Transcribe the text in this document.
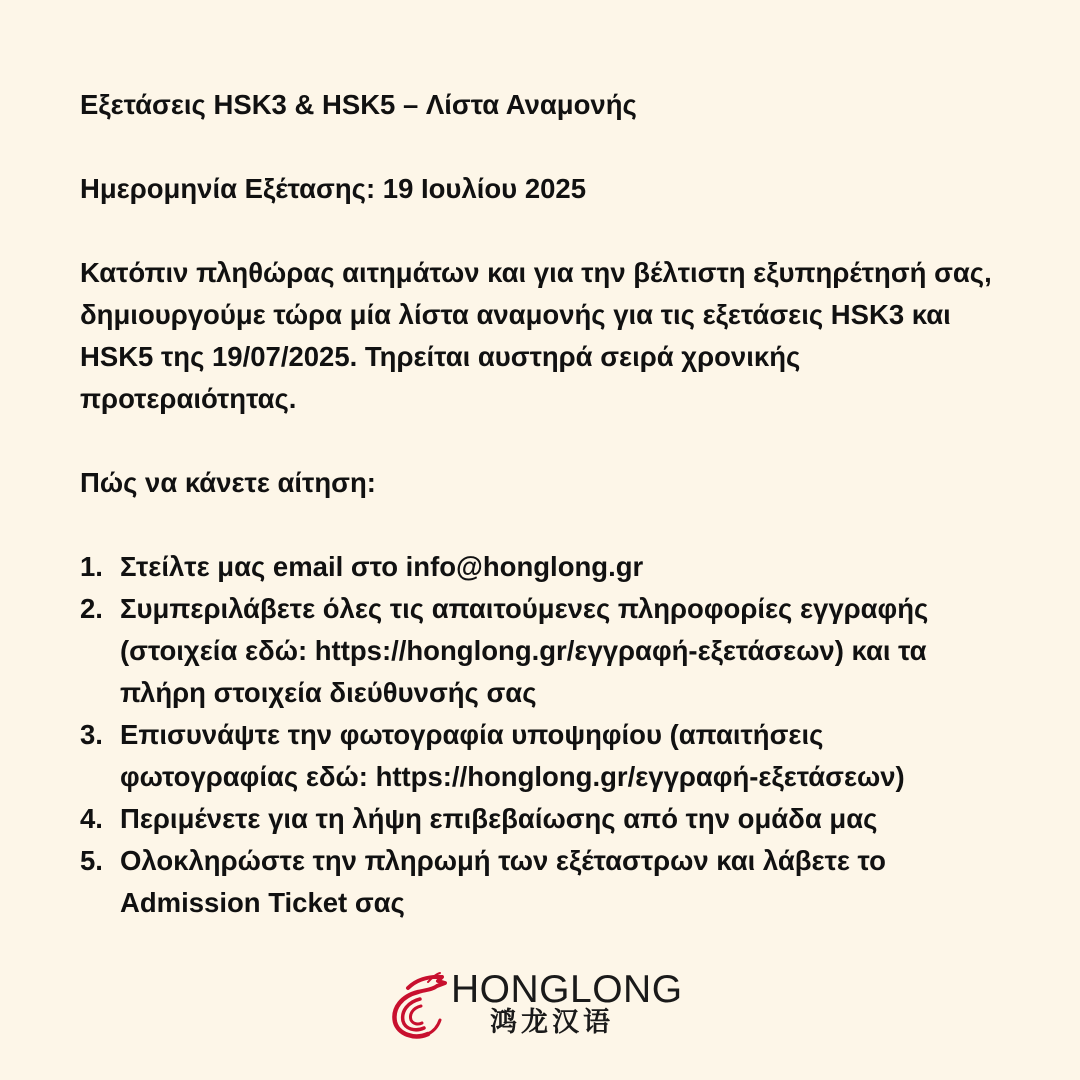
Εξετάσεις HSK3 & HSK5 – Λίστα Αναμονής

Ημερομηνία Εξέτασης: 19 Ιουλίου 2025

Κατόπιν πληθώρας αιτημάτων και για την βέλτιστη εξυπηρέτησή σας, δημιουργούμε τώρα μία λίστα αναμονής για τις εξετάσεις HSK3 και HSK5 της 19/07/2025. Τηρείται αυστηρά σειρά χρονικής προτεραιότητας.

Πώς να κάνετε αίτηση:

1. Στείλτε μας email στο info@honglong.gr
2. Συμπεριλάβετε όλες τις απαιτούμενες πληροφορίες εγγραφής (στοιχεία εδώ: https://honglong.gr/εγγραφή-εξετάσεων) και τα πλήρη στοιχεία διεύθυνσής σας
3. Επισυνάψτε την φωτογραφία υποψηφίου (απαιτήσεις φωτογραφίας εδώ: https://honglong.gr/εγγραφή-εξετάσεων)
4. Περιμένετε για τη λήψη επιβεβαίωσης από την ομάδα μας
5. Ολοκληρώστε την πληρωμή των εξέταστρων και λάβετε το Admission Ticket σας
HONGLONG
鸿龙汉语
